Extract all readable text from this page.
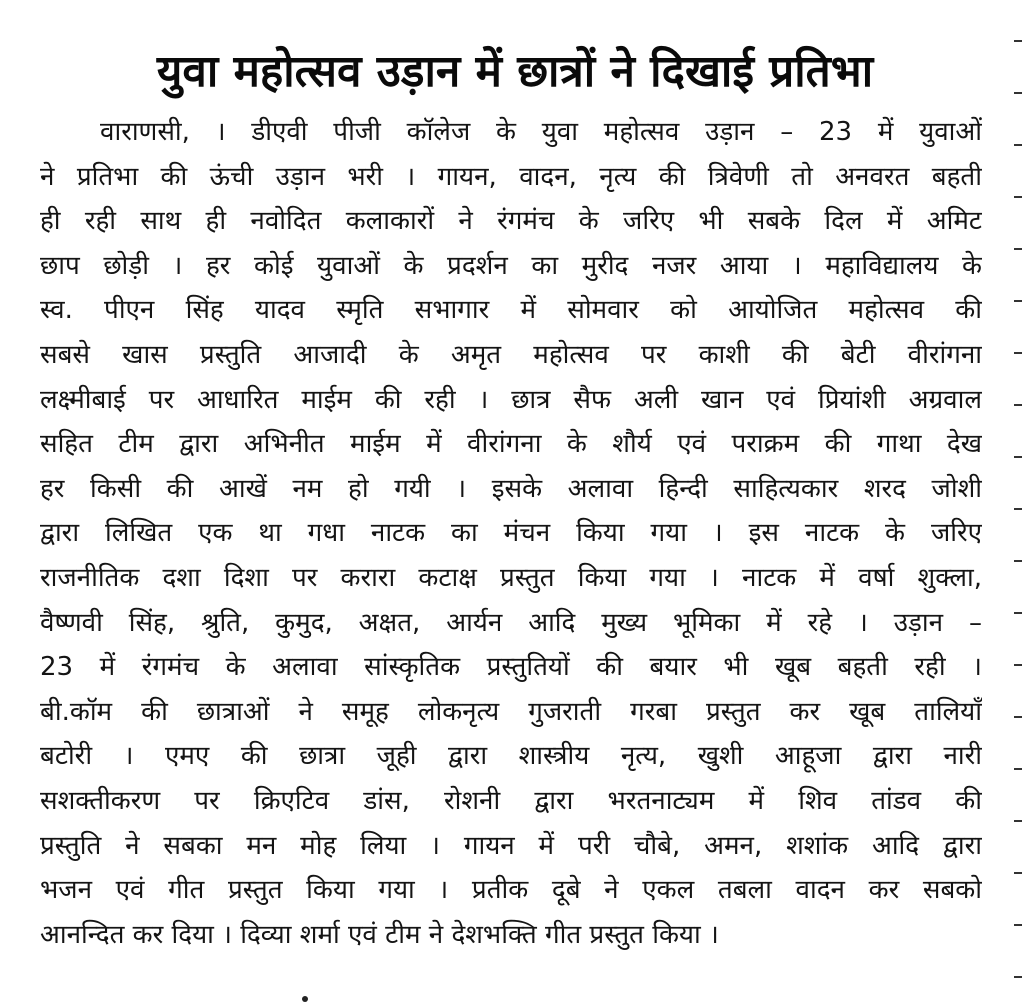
युवा महोत्सव उड़ान में छात्रों ने दिखाई प्रतिभा
वाराणसी, । डीएवी पीजी कॉलेज के युवा महोत्सव उड़ान – 23 में युवाओं
ने प्रतिभा की ऊंची उड़ान भरी । गायन, वादन, नृत्य की त्रिवेणी तो अनवरत बहती
ही रही साथ ही नवोदित कलाकारों ने रंगमंच के जरिए भी सबके दिल में अमिट
छाप छोड़ी । हर कोई युवाओं के प्रदर्शन का मुरीद नजर आया । महाविद्यालय के
स्व. पीएन सिंह यादव स्मृति सभागार में सोमवार को आयोजित महोत्सव की
सबसे खास प्रस्तुति आजादी के अमृत महोत्सव पर काशी की बेटी वीरांगना
लक्ष्मीबाई पर आधारित माईम की रही । छात्र सैफ अली खान एवं प्रियांशी अग्रवाल
सहित टीम द्वारा अभिनीत माईम में वीरांगना के शौर्य एवं पराक्रम की गाथा देख
हर किसी की आखें नम हो गयी । इसके अलावा हिन्दी साहित्यकार शरद जोशी
द्वारा लिखित एक था गधा नाटक का मंचन किया गया । इस नाटक के जरिए
राजनीतिक दशा दिशा पर करारा कटाक्ष प्रस्तुत किया गया । नाटक में वर्षा शुक्ला,
वैष्णवी सिंह, श्रुति, कुमुद, अक्षत, आर्यन आदि मुख्य भूमिका में रहे । उड़ान –
23 में रंगमंच के अलावा सांस्कृतिक प्रस्तुतियों की बयार भी खूब बहती रही ।
बी.कॉम की छात्राओं ने समूह लोकनृत्य गुजराती गरबा प्रस्तुत कर खूब तालियाँ
बटोरी । एमए की छात्रा जूही द्वारा शास्त्रीय नृत्य, खुशी आहूजा द्वारा नारी
सशक्तीकरण पर क्रिएटिव डांस, रोशनी द्वारा भरतनाट्यम में शिव तांडव की
प्रस्तुति ने सबका मन मोह लिया । गायन में परी चौबे, अमन, शशांक आदि द्वारा
भजन एवं गीत प्रस्तुत किया गया । प्रतीक दूबे ने एकल तबला वादन कर सबको
आनन्दित कर दिया । दिव्या शर्मा एवं टीम ने देशभक्ति गीत प्रस्तुत किया ।
